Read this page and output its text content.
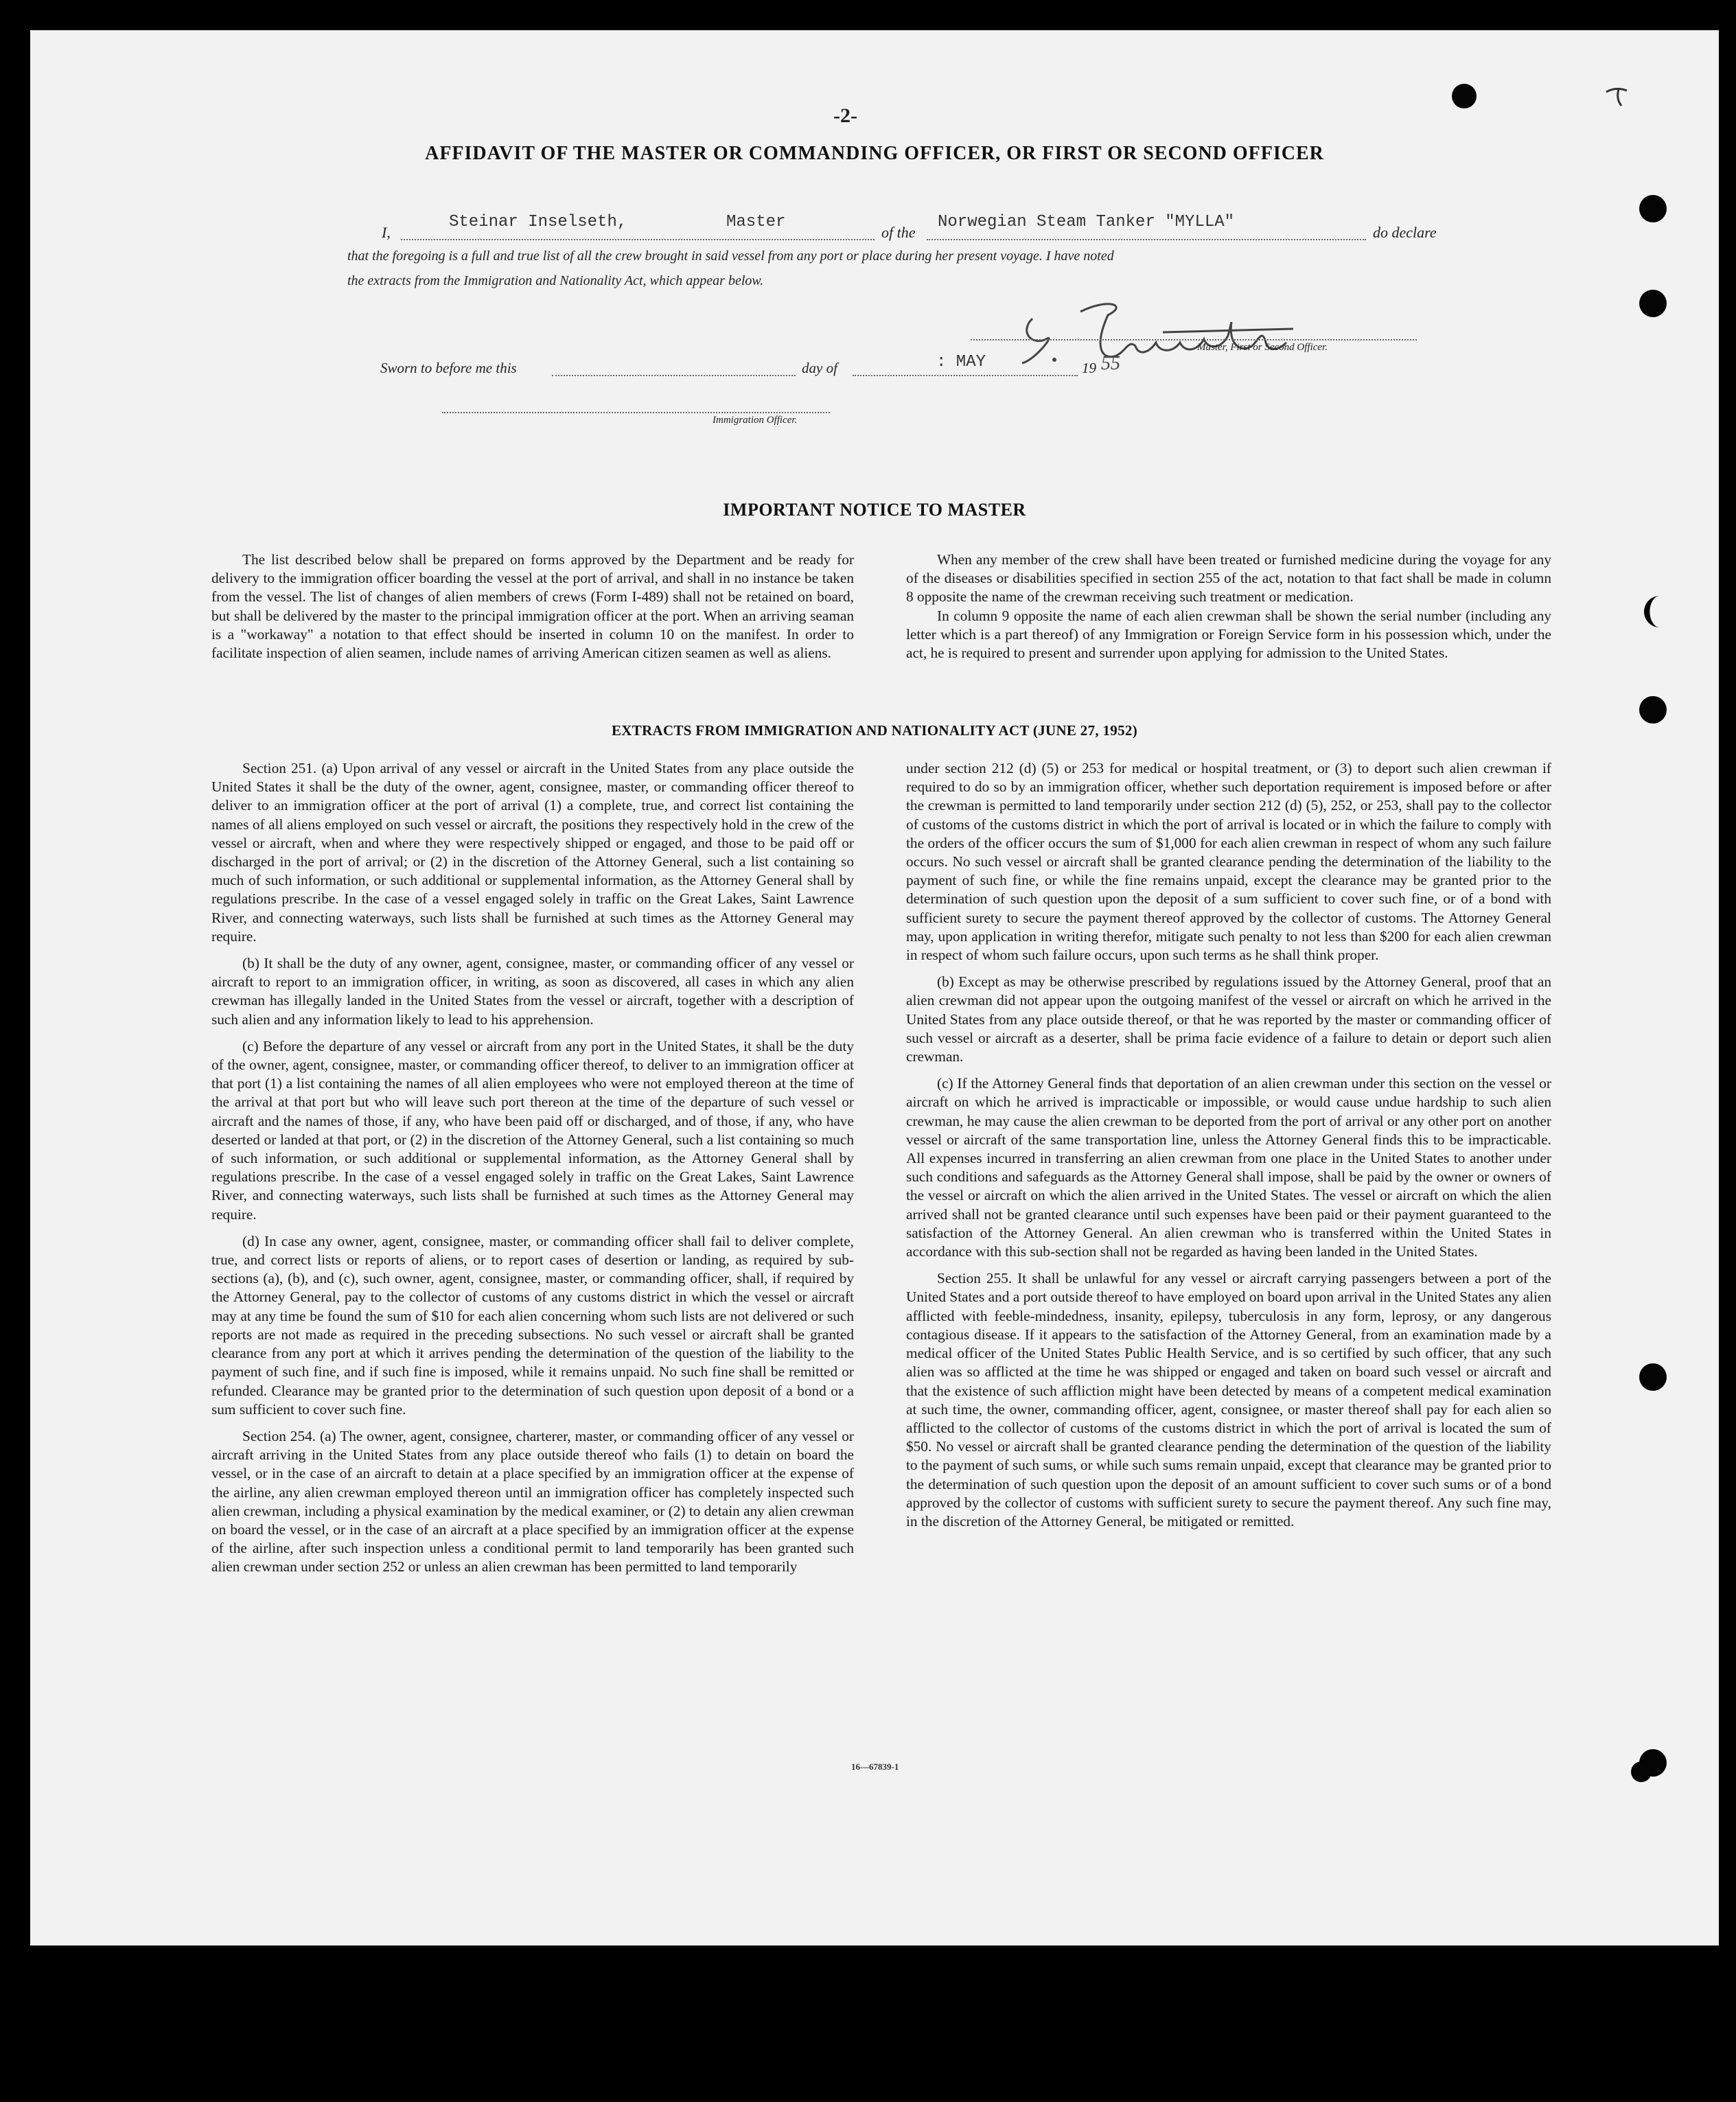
-2-
AFFIDAVIT OF THE MASTER OR COMMANDING OFFICER, OR FIRST OR SECOND OFFICER
I,
Steinar Inselseth,	Master
of the
Norwegian Steam Tanker "MYLLA"
do declare
that the foregoing is a full and true list of all the crew brought in said vessel from any port or place during her present voyage. I have noted
the extracts from the Immigration and Nationality Act, which appear below.
Master, First or Second Officer.
Sworn to before me this	day of	: MAY	19 55
Immigration Officer.
IMPORTANT NOTICE TO MASTER

The list described below shall be prepared on forms approved by the Department and be ready for delivery to the immigration officer boarding the vessel at the port of arrival, and shall in no instance be taken from the vessel. The list of changes of alien members of crews (Form I-489) shall not be retained on board, but shall be delivered by the master to the principal immigration officer at the port. When an arriving seaman is a "workaway" a notation to that effect should be inserted in column 10 on the manifest. In order to facilitate inspection of alien seamen, include names of arriving American citizen seamen as well as aliens.

When any member of the crew shall have been treated or furnished medicine during the voyage for any of the diseases or disabilities specified in section 255 of the act, notation to that fact shall be made in column 8 opposite the name of the crewman receiving such treatment or medication.

In column 9 opposite the name of each alien crewman shall be shown the serial number (including any letter which is a part thereof) of any Immigration or Foreign Service form in his possession which, under the act, he is required to present and surrender upon applying for admission to the United States.

EXTRACTS FROM IMMIGRATION AND NATIONALITY ACT (JUNE 27, 1952)

Section 251. (a) Upon arrival of any vessel or aircraft in the United States from any place outside the United States it shall be the duty of the owner, agent, consignee, master, or commanding officer thereof to deliver to an immigration officer at the port of arrival (1) a complete, true, and correct list containing the names of all aliens employed on such vessel or aircraft, the positions they respectively hold in the crew of the vessel or aircraft, when and where they were respectively shipped or engaged, and those to be paid off or discharged in the port of arrival; or (2) in the discretion of the Attorney General, such a list containing so much of such information, or such additional or supplemental information, as the Attorney General shall by regulations prescribe. In the case of a vessel engaged solely in traffic on the Great Lakes, Saint Lawrence River, and connecting waterways, such lists shall be furnished at such times as the Attorney General may require.

(b) It shall be the duty of any owner, agent, consignee, master, or commanding officer of any vessel or aircraft to report to an immigration officer, in writing, as soon as discovered, all cases in which any alien crewman has illegally landed in the United States from the vessel or aircraft, together with a description of such alien and any information likely to lead to his apprehension.

(c) Before the departure of any vessel or aircraft from any port in the United States, it shall be the duty of the owner, agent, consignee, master, or commanding officer thereof, to deliver to an immigration officer at that port (1) a list containing the names of all alien employees who were not employed thereon at the time of the arrival at that port but who will leave such port thereon at the time of the departure of such vessel or aircraft and the names of those, if any, who have been paid off or discharged, and of those, if any, who have deserted or landed at that port, or (2) in the discretion of the Attorney General, such a list containing so much of such information, or such additional or supplemental information, as the Attorney General shall by regulations prescribe. In the case of a vessel engaged solely in traffic on the Great Lakes, Saint Lawrence River, and connecting waterways, such lists shall be furnished at such times as the Attorney General may require.

(d) In case any owner, agent, consignee, master, or commanding officer shall fail to deliver complete, true, and correct lists or reports of aliens, or to report cases of desertion or landing, as required by sub-sections (a), (b), and (c), such owner, agent, consignee, master, or commanding officer, shall, if required by the Attorney General, pay to the collector of customs of any customs district in which the vessel or aircraft may at any time be found the sum of $10 for each alien concerning whom such lists are not delivered or such reports are not made as required in the preceding subsections. No such vessel or aircraft shall be granted clearance from any port at which it arrives pending the determination of the question of the liability to the payment of such fine, and if such fine is imposed, while it remains unpaid. No such fine shall be remitted or refunded. Clearance may be granted prior to the determination of such question upon deposit of a bond or a sum sufficient to cover such fine.

Section 254. (a) The owner, agent, consignee, charterer, master, or commanding officer of any vessel or aircraft arriving in the United States from any place outside thereof who fails (1) to detain on board the vessel, or in the case of an aircraft to detain at a place specified by an immigration officer at the expense of the airline, any alien crewman employed thereon until an immigration officer has completely inspected such alien crewman, including a physical examination by the medical examiner, or (2) to detain any alien crewman on board the vessel, or in the case of an aircraft at a place specified by an immigration officer at the expense of the airline, after such inspection unless a conditional permit to land temporarily has been granted such alien crewman under section 252 or unless an alien crewman has been permitted to land temporarily

under section 212 (d) (5) or 253 for medical or hospital treatment, or (3) to deport such alien crewman if required to do so by an immigration officer, whether such deportation requirement is imposed before or after the crewman is permitted to land temporarily under section 212 (d) (5), 252, or 253, shall pay to the collector of customs of the customs district in which the port of arrival is located or in which the failure to comply with the orders of the officer occurs the sum of $1,000 for each alien crewman in respect of whom any such failure occurs. No such vessel or aircraft shall be granted clearance pending the determination of the liability to the payment of such fine, or while the fine remains unpaid, except the clearance may be granted prior to the determination of such question upon the deposit of a sum sufficient to cover such fine, or of a bond with sufficient surety to secure the payment thereof approved by the collector of customs. The Attorney General may, upon application in writing therefor, mitigate such penalty to not less than $200 for each alien crewman in respect of whom such failure occurs, upon such terms as he shall think proper.

(b) Except as may be otherwise prescribed by regulations issued by the Attorney General, proof that an alien crewman did not appear upon the outgoing manifest of the vessel or aircraft on which he arrived in the United States from any place outside thereof, or that he was reported by the master or commanding officer of such vessel or aircraft as a deserter, shall be prima facie evidence of a failure to detain or deport such alien crewman.

(c) If the Attorney General finds that deportation of an alien crewman under this section on the vessel or aircraft on which he arrived is impracticable or impossible, or would cause undue hardship to such alien crewman, he may cause the alien crewman to be deported from the port of arrival or any other port on another vessel or aircraft of the same transportation line, unless the Attorney General finds this to be impracticable. All expenses incurred in transferring an alien crewman from one place in the United States to another under such conditions and safeguards as the Attorney General shall impose, shall be paid by the owner or owners of the vessel or aircraft on which the alien arrived in the United States. The vessel or aircraft on which the alien arrived shall not be granted clearance until such expenses have been paid or their payment guaranteed to the satisfaction of the Attorney General. An alien crewman who is transferred within the United States in accordance with this sub-section shall not be regarded as having been landed in the United States.

Section 255. It shall be unlawful for any vessel or aircraft carrying passengers between a port of the United States and a port outside thereof to have employed on board upon arrival in the United States any alien afflicted with feeble-mindedness, insanity, epilepsy, tuberculosis in any form, leprosy, or any dangerous contagious disease. If it appears to the satisfaction of the Attorney General, from an examination made by a medical officer of the United States Public Health Service, and is so certified by such officer, that any such alien was so afflicted at the time he was shipped or engaged and taken on board such vessel or aircraft and that the existence of such affliction might have been detected by means of a competent medical examination at such time, the owner, commanding officer, agent, consignee, or master thereof shall pay for each alien so afflicted to the collector of customs of the customs district in which the port of arrival is located the sum of $50. No vessel or aircraft shall be granted clearance pending the determination of the question of the liability to the payment of such sums, or while such sums remain unpaid, except that clearance may be granted prior to the determination of such question upon the deposit of an amount sufficient to cover such sums or of a bond approved by the collector of customs with sufficient surety to secure the payment thereof. Any such fine may, in the discretion of the Attorney General, be mitigated or remitted.

16—67839-1
